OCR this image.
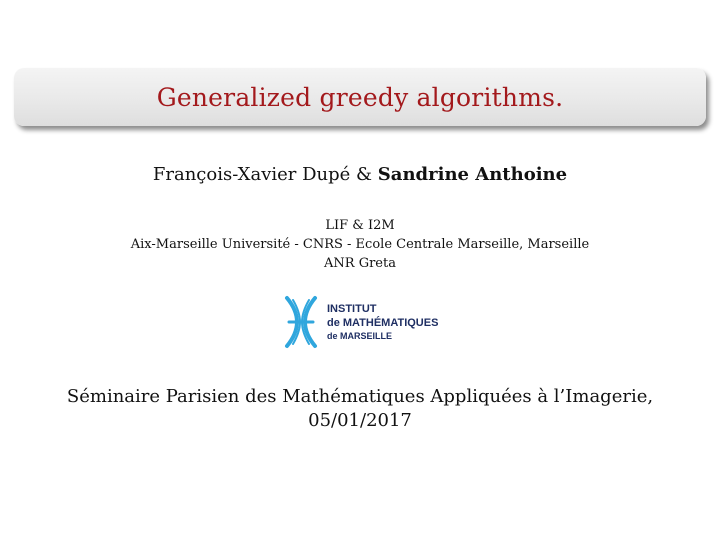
Generalized greedy algorithms.
François-Xavier Dupé & Sandrine Anthoine
LIF & I2M
Aix-Marseille Université - CNRS - Ecole Centrale Marseille, Marseille
ANR Greta
INSTITUT
de MATHÉMATIQUES
de MARSEILLE
Séminaire Parisien des Mathématiques Appliquées à l’Imagerie,
05/01/2017
